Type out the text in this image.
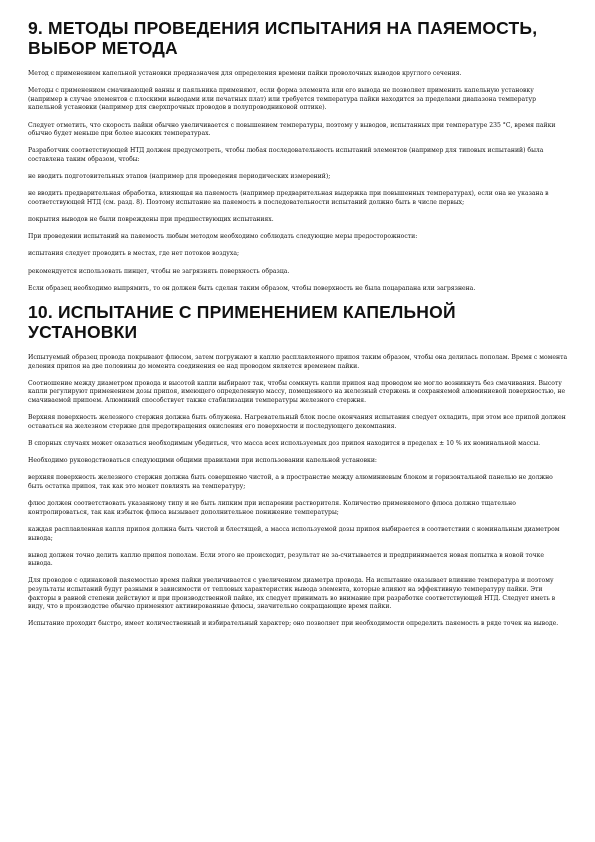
9. МЕТОДЫ ПРОВЕДЕНИЯ ИСПЫТАНИЯ НА ПАЯЕМОСТЬ, ВЫБОР МЕТОДА

Метод с применением капельной установки предназначен для определения времени пайки проволочных выводов круглого сечения.

Методы с применением смачивающей ванны и паяльника применяют, если форма элемента или его вывода не позволяет применить капельную установку (например в случае элементов с плоскими выводами или печатных плат) или требуется температура пайки находится за пределами диапазона температур капельной установки (например для сверхпрочных проводов в полупроводниковой оптике).

Следует отметить, что скорость пайки обычно увеличивается с повышением температуры, поэтому у выводов, испытанных при температуре 235 °С, время пайки обычно будет меньше при более высоких температурах.

Разработчик соответствующей НТД должен предусмотреть, чтобы любая последовательность испытаний элементов (например для типовых испытаний) была составлена таким образом, чтобы:

не вводить подготовительных этапов (например для проведения периодических измерений);

не вводить предварительная обработка, влияющая на паяемость (например предварительная выдержка при повышенных температурах), если она не указана в соответствующей НТД (см. разд. 8). Поэтому испытание на паяемость в последовательности испытаний должно быть в числе первых;

покрытия выводов не были повреждены при предшествующих испытаниях.

При проведении испытаний на паяемость любым методом необходимо соблюдать следующие меры предосторожности:

испытания следует проводить в местах, где нет потоков воздуха;

рекомендуется использовать пинцет, чтобы не загрязнять поверхность образца.

Если образец необходимо выпрямить, то он должен быть сделан таким образом, чтобы поверхность не была поцарапана или загрязнена.

10. ИСПЫТАНИЕ С ПРИМЕНЕНИЕМ КАПЕЛЬНОЙ УСТАНОВКИ

Испытуемый образец провода покрывают флюсом, затем погружают в каплю расплавленного припоя таким образом, чтобы она делилась пополам. Время с момента деления припоя на две половины до момента соединения ее над проводом является временем пайки.

Соотношение между диаметром провода и высотой капли выбирают так, чтобы сомкнуть капли припоя над проводом не могло возникнуть без смачивания. Высоту капли регулируют применением дозы припоя, имеющего определенную массу, помещенного на железный стержень и сохраняемой алюминиевой поверхностью, не смачиваемой припоем. Алюминий способствует также стабилизации температуры железного стержня.

Верхняя поверхность железного стержня должна быть облужена. Нагревательный блок после окончания испытания следует охладить, при этом все припой должен оставаться на железном стержне для предотвращения окисления его поверхности и последующего декомпания.

В спорных случаях может оказаться необходимым убедиться, что масса всех используемых доз припоя находится в пределах ± 10 % их номинальной массы.

Необходимо руководствоваться следующими общими правилами при использовании капельной установки:

верхняя поверхность железного стержня должна быть совершенно чистой, а в пространстве между алюминиевым блоком и горизонтальной панелью не должно быть остатка припоя, так как это может повлиять на температуру;

флюс должен соответствовать указанному типу и не быть липким при испарении растворителя. Количество применяемого флюса должно тщательно контролироваться, так как избыток флюса вызывает дополнительное понижение температуры;

каждая расплавленная капля припоя должна быть чистой и блестящей, а масса используемой дозы припоя выбирается в соответствии с номинальным диаметром вывода;

вывод должен точно делить каплю припоя пополам. Если этого не происходит, результат не за-считывается и предпринимается новая попытка в новой точке вывода.

Для проводов с одинаковой паяемостью время пайки увеличивается с увеличением диаметра провода. На испытание оказывает влияние температура и поэтому результаты испытаний будут разными в зависимости от тепловых характеристик вывода элемента, которые влияют на эффективную температуру пайки. Эти факторы в равной степени действуют и при производственной пайке, их следует принимать во внимание при разработке соответствующей НТД. Следует иметь в виду, что в производстве обычно применяют активированные флюсы, значительно сокращающие время пайки.

Испытание проходит быстро, имеет количественный и избирательный характер; оно позволяет при необходимости определить паяемость в ряде точек на выводе.
